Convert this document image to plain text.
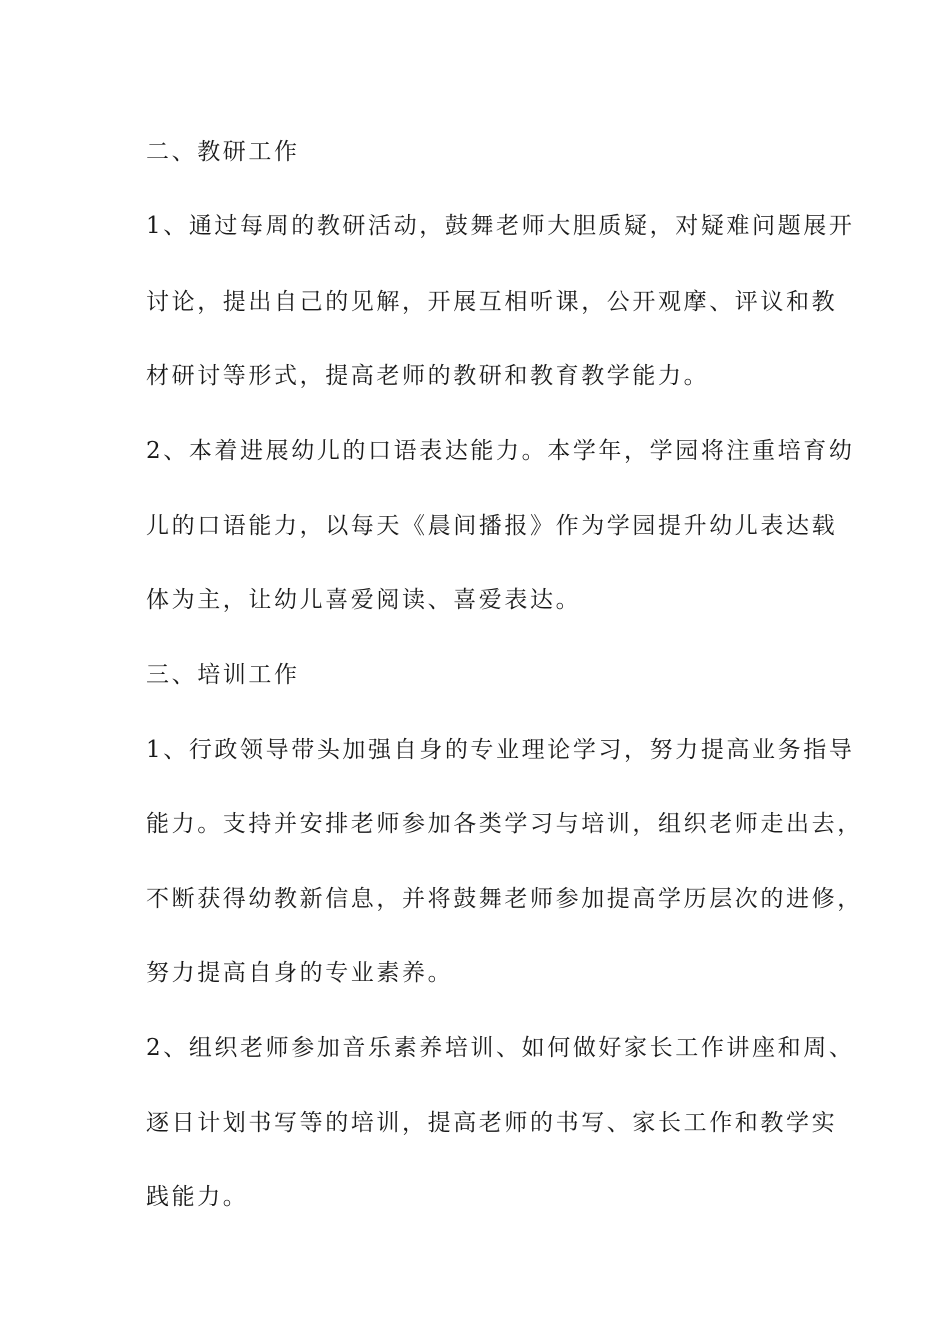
二、教研工作
1、通过每周的教研活动，鼓舞老师大胆质疑，对疑难问题展开
讨论，提出自己的见解，开展互相听课，公开观摩、评议和教
材研讨等形式，提高老师的教研和教育教学能力。
2、本着进展幼儿的口语表达能力。本学年，学园将注重培育幼
儿的口语能力，以每天《晨间播报》作为学园提升幼儿表达载
体为主，让幼儿喜爱阅读、喜爱表达。
三、培训工作
1、行政领导带头加强自身的专业理论学习，努力提高业务指导
能力。支持并安排老师参加各类学习与培训，组织老师走出去，
不断获得幼教新信息，并将鼓舞老师参加提高学历层次的进修，
努力提高自身的专业素养。
2、组织老师参加音乐素养培训、如何做好家长工作讲座和周、
逐日计划书写等的培训，提高老师的书写、家长工作和教学实
践能力。
